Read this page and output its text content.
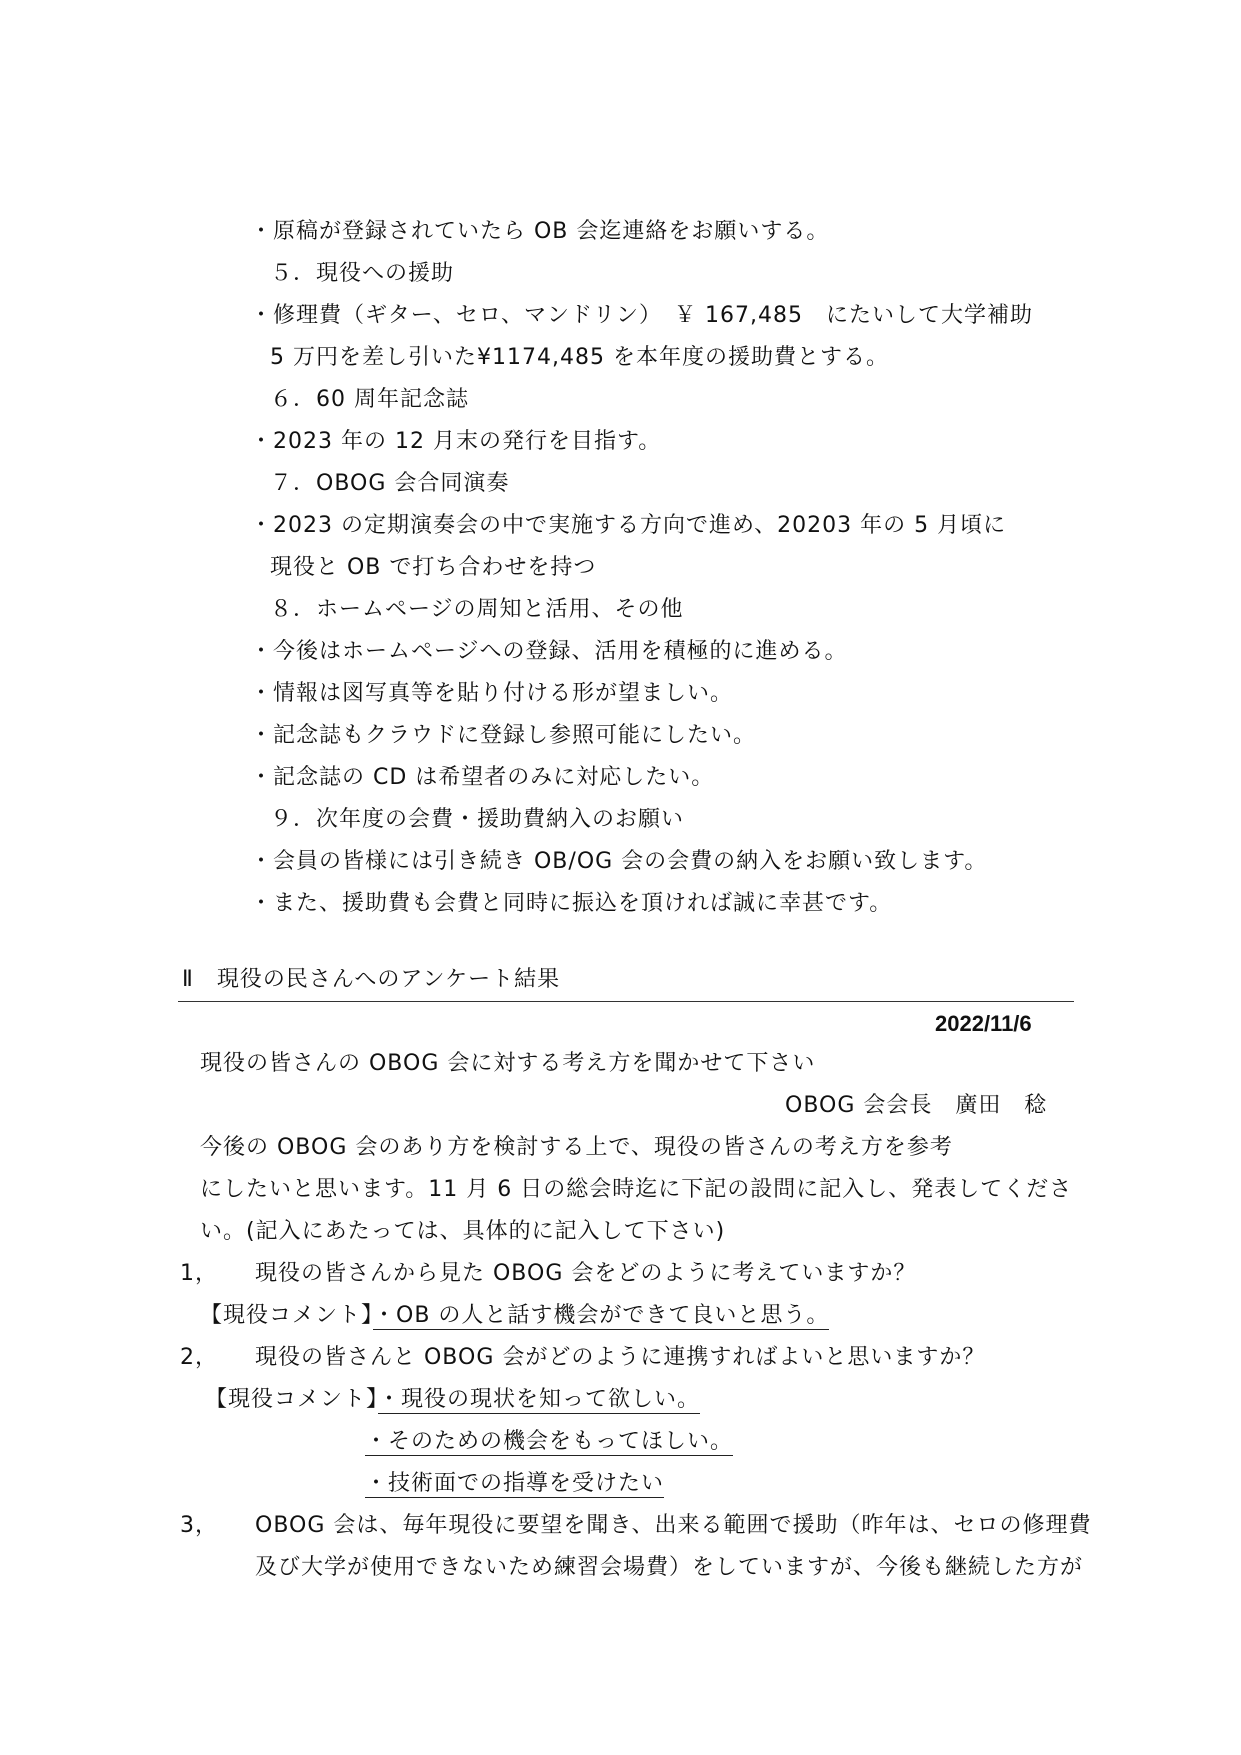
・原稿が登録されていたら OB 会迄連絡をお願いする。
５．現役への援助
・修理費（ギター、セロ、マンドリン）　￥ 167,485　にたいして大学補助
5 万円を差し引いた¥1174,485 を本年度の援助費とする。
６．60 周年記念誌
・2023 年の 12 月末の発行を目指す。
７．OBOG 会合同演奏
・2023 の定期演奏会の中で実施する方向で進め、20203 年の 5 月頃に
現役と OB で打ち合わせを持つ
８．ホームページの周知と活用、その他
・今後はホームページへの登録、活用を積極的に進める。
・情報は図写真等を貼り付ける形が望ましい。
・記念誌もクラウドに登録し参照可能にしたい。
・記念誌の CD は希望者のみに対応したい。
９．次年度の会費・援助費納入のお願い
・会員の皆様には引き続き OB/OG 会の会費の納入をお願い致します。
・また、援助費も会費と同時に振込を頂ければ誠に幸甚です。
Ⅱ　現役の民さんへのアンケート結果
2022/11/6
現役の皆さんの OBOG 会に対する考え方を聞かせて下さい
OBOG 会会長　廣田　稔
今後の OBOG 会のあり方を検討する上で、現役の皆さんの考え方を参考
にしたいと思います。11 月 6 日の総会時迄に下記の設問に記入し、発表してくださ
い。(記入にあたっては、具体的に記入して下さい)
1， 現役の皆さんから見た OBOG 会をどのように考えていますか？
【現役コメント】・OB の人と話す機会ができて良いと思う。
2， 現役の皆さんと OBOG 会がどのように連携すればよいと思いますか？
【現役コメント】・現役の現状を知って欲しい。
・そのための機会をもってほしい。
・技術面での指導を受けたい
3， OBOG 会は、毎年現役に要望を聞き、出来る範囲で援助（昨年は、セロの修理費
及び大学が使用できないため練習会場費）をしていますが、今後も継続した方が
